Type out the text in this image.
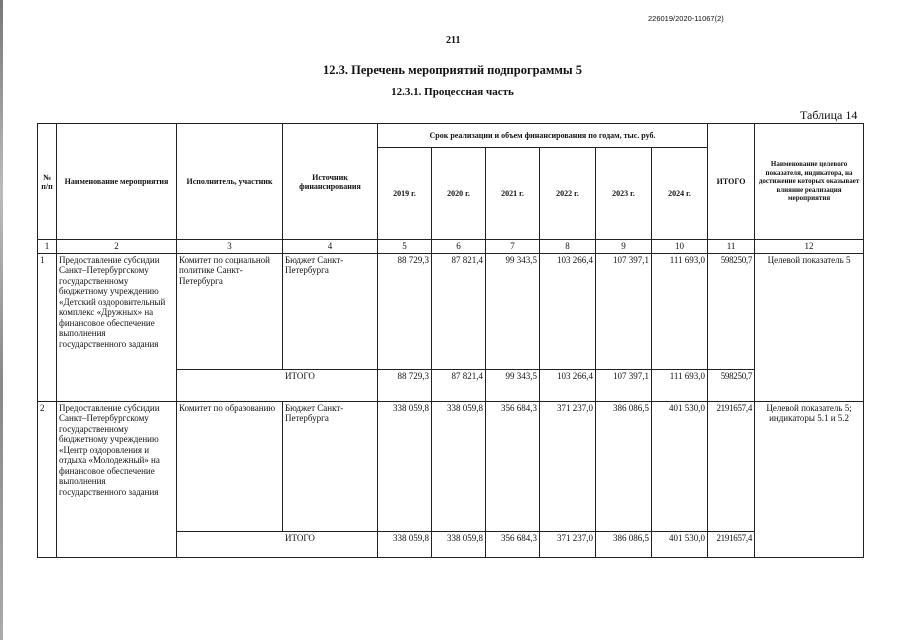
226019/2020-11067(2)
211
12.3. Перечень мероприятий подпрограммы 5
12.3.1. Процессная часть
Таблица 14
№ п/п	Наименование мероприятия	Исполнитель, участник	Источник финансирования	Срок реализации и объем финансирования по годам, тыс. руб.						ИТОГО	Наименование целевого показателя, индикатора, на достижение которых оказывает влияние реализация мероприятия
				2019 г.	2020 г.	2021 г.	2022 г.	2023 г.	2024 г.		
1	2	3	4	5	6	7	8	9	10	11	12
1	Предоставление субсидии Санкт–Петербургскому государственному бюджетному учреждению «Детский оздоровительный комплекс «Дружных» на финансовое обеспечение выполнения государственного задания	Комитет по социальной политике Санкт-Петербурга	Бюджет Санкт-Петербурга	88 729,3	87 821,4	99 343,5	103 266,4	107 397,1	111 693,0	598250,7	Целевой показатель 5
		ИТОГО		88 729,3	87 821,4	99 343,5	103 266,4	107 397,1	111 693,0	598250,7	
2	Предоставление субсидии Санкт–Петербургскому государственному бюджетному учреждению «Центр оздоровления и отдыха «Молодежный» на финансовое обеспечение выполнения государственного задания	Комитет по образованию	Бюджет Санкт-Петербурга	338 059,8	338 059,8	356 684,3	371 237,0	386 086,5	401 530,0	2191657,4	Целевой показатель 5; индикаторы 5.1 и 5.2
		ИТОГО		338 059,8	338 059,8	356 684,3	371 237,0	386 086,5	401 530,0	2191657,4	
